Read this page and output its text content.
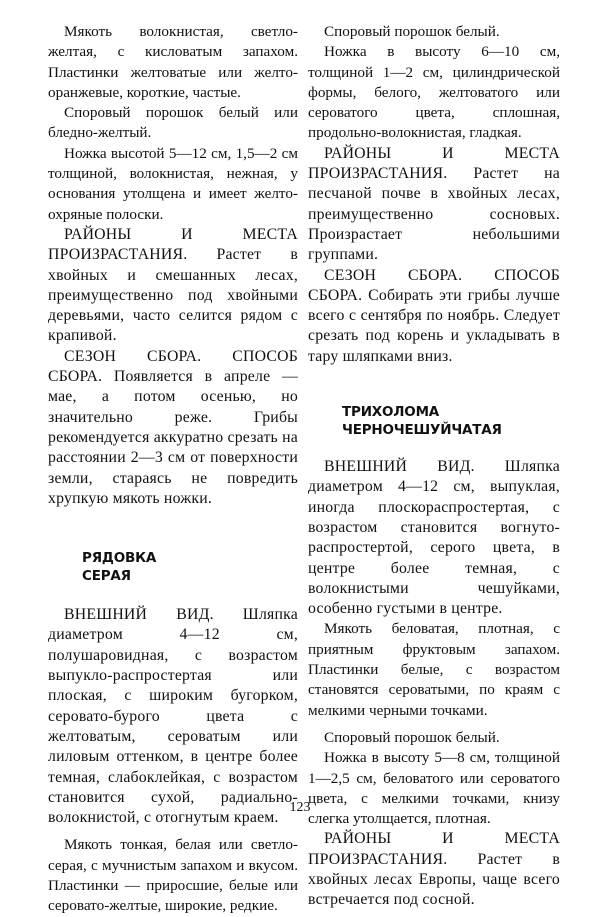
Мякоть волокнистая, светло-желтая, с кисловатым запахом. Пластинки желтоватые или желто-оранжевые, короткие, частые.

Споровый порошок белый или бледно-желтый.

Ножка высотой 5—12 см, 1,5—2 см толщиной, волокнистая, нежная, у основания утолщена и имеет желто-охряные полоски.

РАЙОНЫ И МЕСТА ПРОИЗРАСТАНИЯ. Растет в хвойных и смешанных лесах, преимущественно под хвойными деревьями, часто селится рядом с крапивой.

СЕЗОН СБОРА. СПОСОБ СБОРА. Появляется в апреле — мае, а потом осенью, но значительно реже. Грибы рекомендуется аккуратно срезать на расстоянии 2—3 см от поверхности земли, стараясь не повредить хрупкую мякоть ножки.

РЯДОВКА
СЕРАЯ

ВНЕШНИЙ ВИД. Шляпка диаметром 4—12 см, полушаровидная, с возрастом выпукло-распростертая или плоская, с широким бугорком, серовато-бурого цвета с желтоватым, сероватым или лиловым оттенком, в центре более темная, слабоклейкая, с возрастом становится сухой, радиально-волокнистой, с отогнутым краем.

Мякоть тонкая, белая или светло-серая, с мучнистым запахом и вкусом. Пластинки — приросшие, белые или серовато-желтые, широкие, редкие.

Споровый порошок белый.

Ножка в высоту 6—10 см, толщиной 1—2 см, цилиндрической формы, белого, желтоватого или сероватого цвета, сплошная, продольно-волокнистая, гладкая.

РАЙОНЫ И МЕСТА ПРОИЗРАСТАНИЯ. Растет на песчаной почве в хвойных лесах, преимущественно сосновых. Произрастает небольшими группами.

СЕЗОН СБОРА. СПОСОБ СБОРА. Собирать эти грибы лучше всего с сентября по ноябрь. Следует срезать под корень и укладывать в тару шляпками вниз.

ТРИХОЛОМА
ЧЕРНОЧЕШУЙЧАТАЯ

ВНЕШНИЙ ВИД. Шляпка диаметром 4—12 см, выпуклая, иногда плоскораспростертая, с возрастом становится вогнуто-распростертой, серого цвета, в центре более темная, с волокнистыми чешуйками, особенно густыми в центре.

Мякоть беловатая, плотная, с приятным фруктовым запахом. Пластинки белые, с возрастом становятся сероватыми, по краям с мелкими черными точками.

Споровый порошок белый.

Ножка в высоту 5—8 см, толщиной 1—2,5 см, беловатого или сероватого цвета, с мелкими точками, книзу слегка утолщается, плотная.

РАЙОНЫ И МЕСТА ПРОИЗРАСТАНИЯ. Растет в хвойных лесах Европы, чаще всего встречается под сосной.

123
